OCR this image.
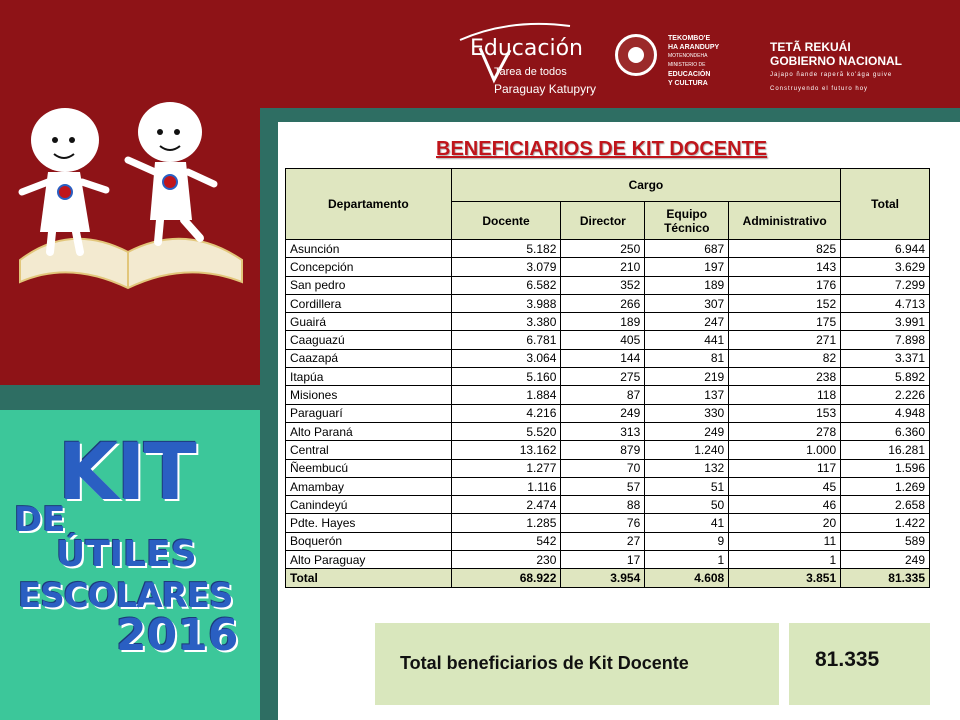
Educación
Tarea de todos
Paraguay Katupyry
TEKOMBO'E
HA ARANDUPY
MOTENONDEHA
MINISTERIO DE
EDUCACIÓN
Y CULTURA
TETÃ REKUÁI
GOBIERNO NACIONAL
Jajapo ñande raperã ko'ága guive
Construyendo el futuro hoy
KIT
DE
ÚTILES
ESCOLARES
2016
BENEFICIARIOS DE KIT DOCENTE
Departamento	Cargo				Total
	Docente	Director	Equipo Técnico	Administrativo	
Asunción	5.182	250	687	825	6.944
Concepción	3.079	210	197	143	3.629
San pedro	6.582	352	189	176	7.299
Cordillera	3.988	266	307	152	4.713
Guairá	3.380	189	247	175	3.991
Caaguazú	6.781	405	441	271	7.898
Caazapá	3.064	144	81	82	3.371
Itapúa	5.160	275	219	238	5.892
Misiones	1.884	87	137	118	2.226
Paraguarí	4.216	249	330	153	4.948
Alto Paraná	5.520	313	249	278	6.360
Central	13.162	879	1.240	1.000	16.281
Ñeembucú	1.277	70	132	117	1.596
Amambay	1.116	57	51	45	1.269
Canindeyú	2.474	88	50	46	2.658
Pdte. Hayes	1.285	76	41	20	1.422
Boquerón	542	27	9	11	589
Alto Paraguay	230	17	1	1	249
Total	68.922	3.954	4.608	3.851	81.335
Total beneficiarios de Kit Docente	81.335
